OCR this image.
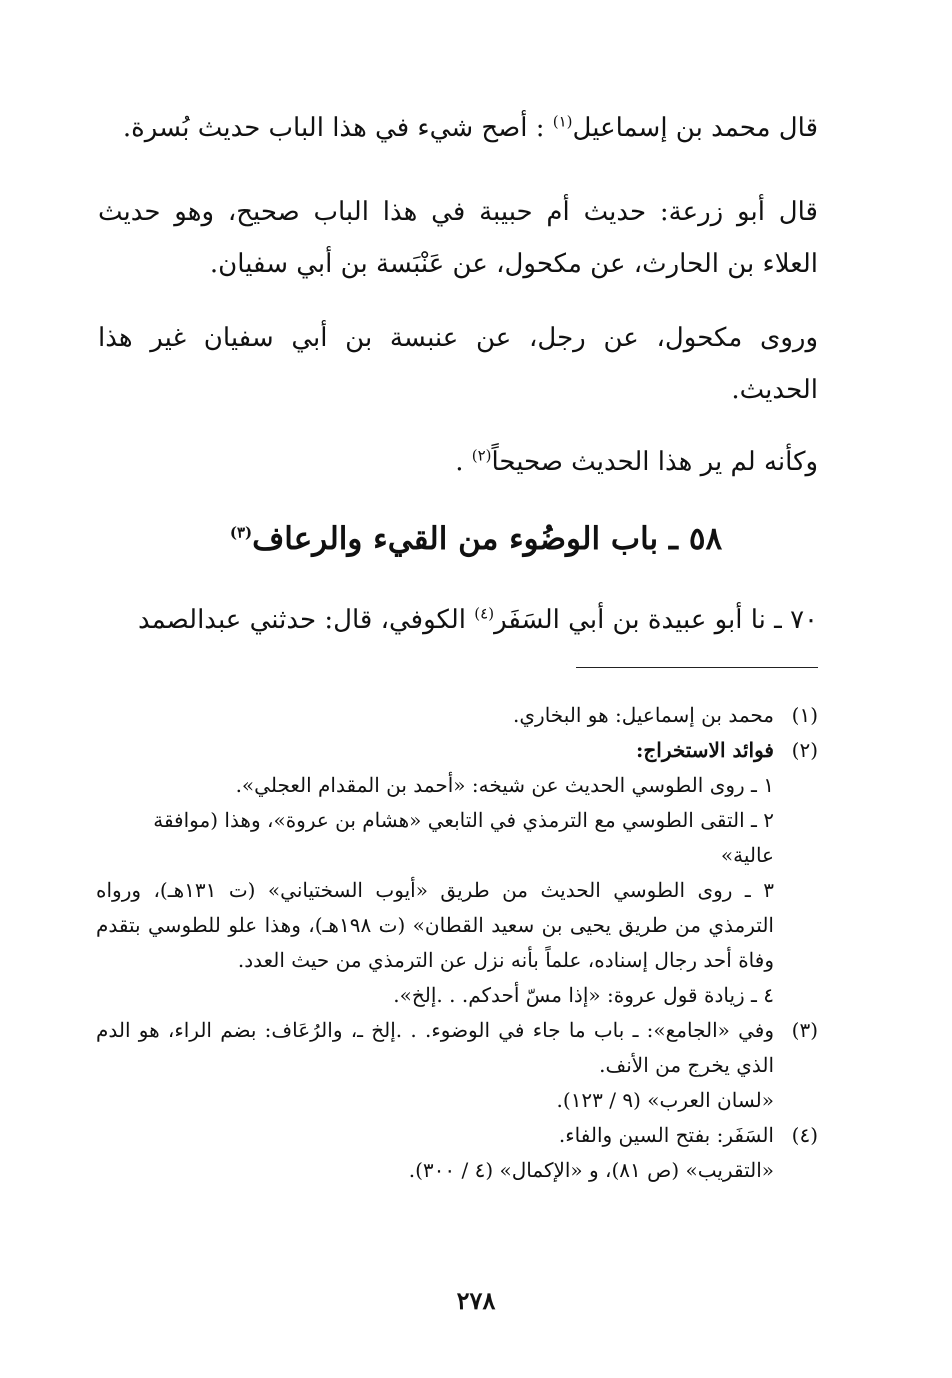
قال محمد بن إسماعيل$^{(١)}$ : أصح شيء في هذا الباب حديث بُسرة.

قال أبو زرعة: حديث أم حبيبة في هذا الباب صحيح، وهو حديث العلاء بن الحارث، عن مكحول، عن عَنْبَسة بن أبي سفيان.

وروى مكحول، عن رجل، عن عنبسة بن أبي سفيان غير هذا الحديث.

وكأنه لم ير هذا الحديث صحيحاً$^{(٢)}$ .

٥٨ ـ باب الوضُوء من القيء والرعاف$^{(٣)}$

٧٠ ـ نا أبو عبيدة بن أبي السَفَر$^{(٤)}$ الكوفي، قال: حدثني عبدالصمد

(١)محمد بن إسماعيل: هو البخاري.
(٢)فوائد الاستخراج:
١ ـ روى الطوسي الحديث عن شيخه: «أحمد بن المقدام العجلي».
٢ ـ التقى الطوسي مع الترمذي في التابعي «هشام بن عروة»، وهذا (موافقة عالية»
٣ ـ روى الطوسي الحديث من طريق «أيوب السختياني» (ت ١٣١هـ)، ورواه الترمذي من طريق يحيى بن سعيد القطان» (ت ١٩٨هـ)، وهذا علو للطوسي بتقدم وفاة أحد رجال إسناده، علماً بأنه نزل عن الترمذي من حيث العدد.
٤ ـ زيادة قول عروة: «إذا مسّ أحدكم. . .إلخ».
(٣)
وفي «الجامع»: ـ باب ما جاء في الوضوء. . .إلخ ـ، والرُعَاف: بضم الراء، هو الدم الذي يخرج من الأنف.
«لسان العرب» (٩ / ١٢٣).
(٤)السَفَر: بفتح السين والفاء.
«التقريب» (ص ٨١)، و «الإكمال» (٤ / ٣٠٠).
٢٧٨
